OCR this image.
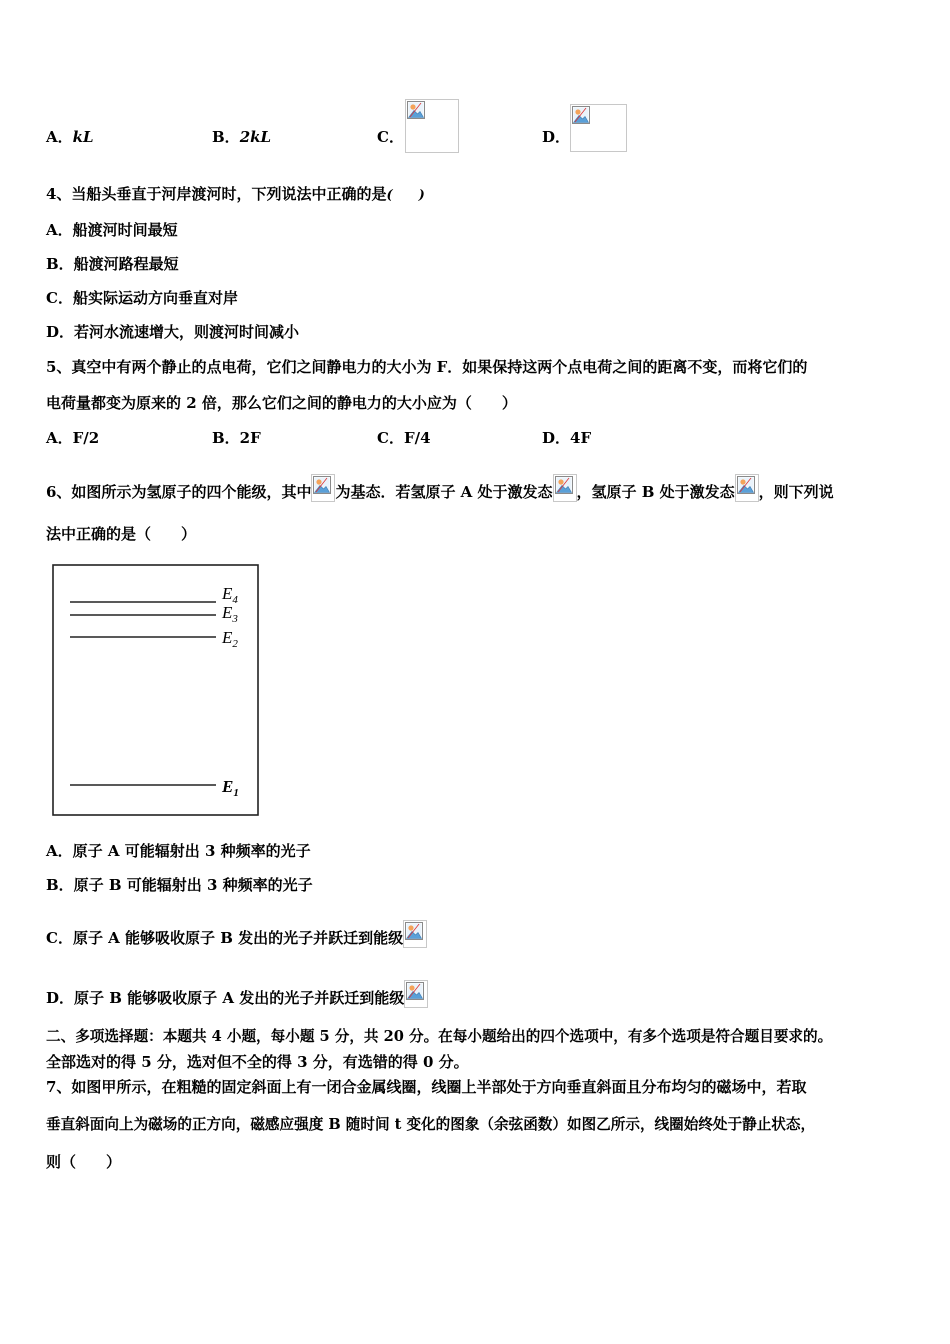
A．kL	B．2kL	C．	D．
4、当船头垂直于河岸渡河时，下列说法中正确的是(　　)
A．船渡河时间最短
B．船渡河路程最短
C．船实际运动方向垂直对岸
D．若河水流速增大，则渡河时间减小
5、真空中有两个静止的点电荷，它们之间静电力的大小为 F．如果保持这两个点电荷之间的距离不变，而将它们的
电荷量都变为原来的 2 倍，那么它们之间的静电力的大小应为（　　）
A．F/2	B．2F	C．F/4	D．4F
6、如图所示为氢原子的四个能级，其中 为基态．若氢原子 A 处于激发态 ，氢原子 B 处于激发态 ，则下列说
法中正确的是（　　）
$E_4$
$E_3$
$E_2$
$E_1$
A．原子 A 可能辐射出 3 种频率的光子
B．原子 B 可能辐射出 3 种频率的光子
C．原子 A 能够吸收原子 B 发出的光子并跃迁到能级
D．原子 B 能够吸收原子 A 发出的光子并跃迁到能级
二、多项选择题：本题共 4 小题，每小题 5 分，共 20 分。在每小题给出的四个选项中，有多个选项是符合题目要求的。
全部选对的得 5 分，选对但不全的得 3 分，有选错的得 0 分。
7、如图甲所示，在粗糙的固定斜面上有一闭合金属线圈，线圈上半部处于方向垂直斜面且分布均匀的磁场中，若取
垂直斜面向上为磁场的正方向，磁感应强度 B 随时间 t 变化的图象（余弦函数）如图乙所示，线圈始终处于静止状态，
则（　　）
